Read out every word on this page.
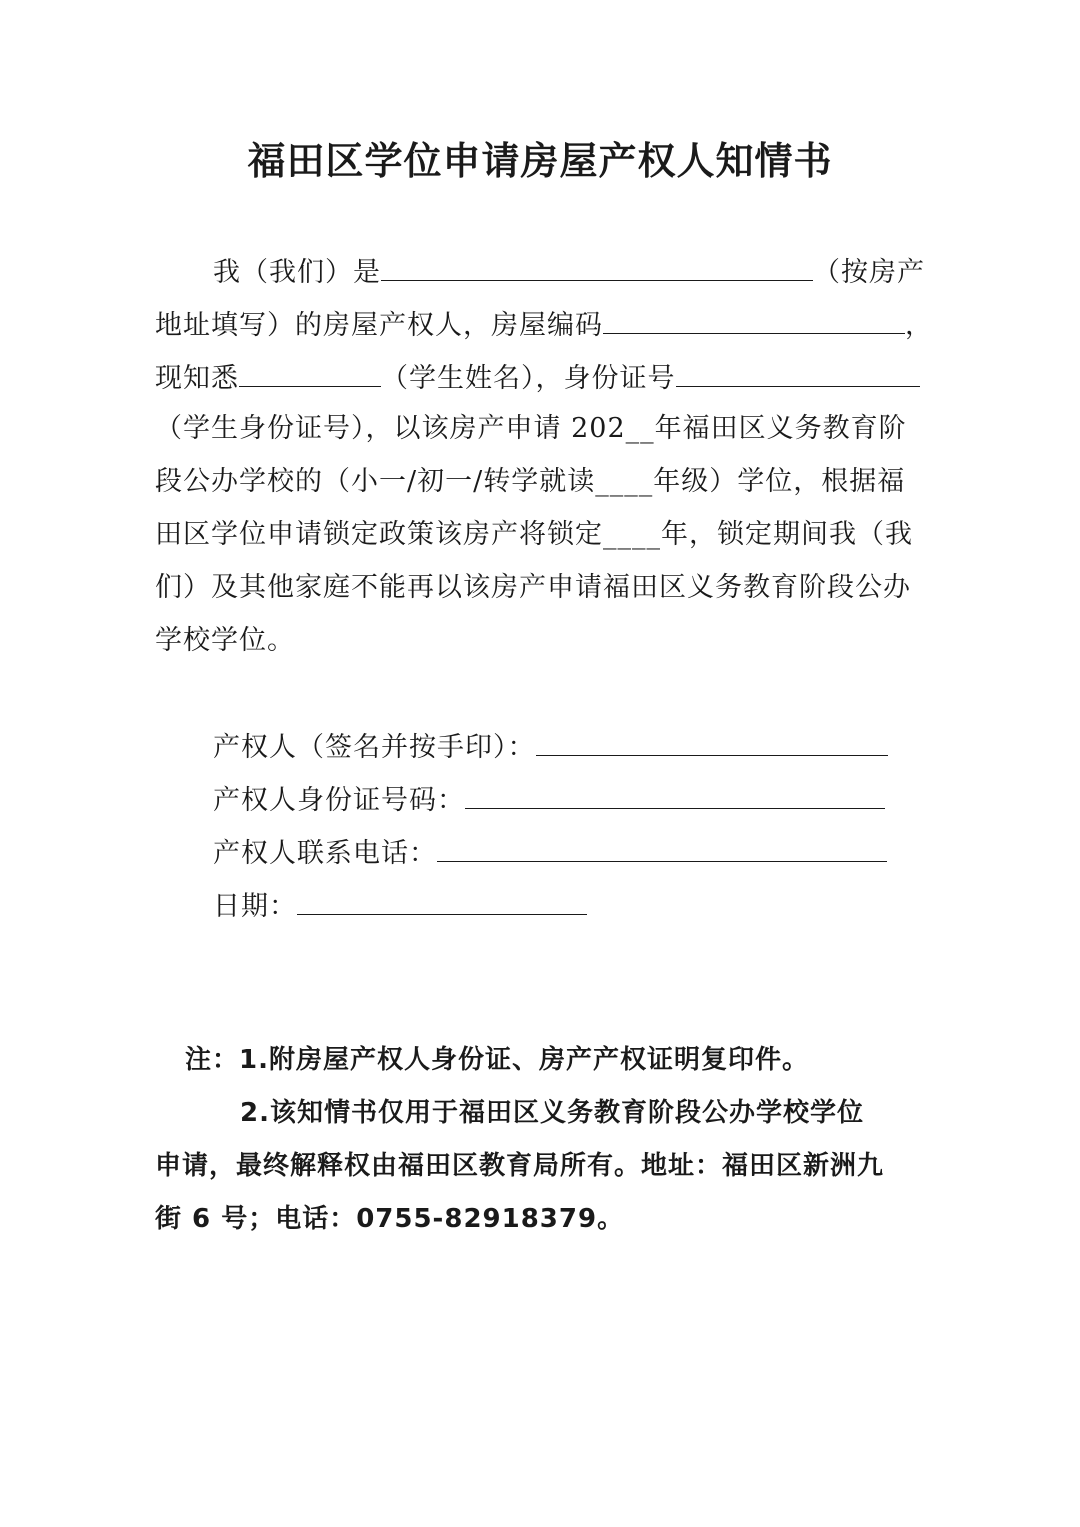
福田区学位申请房屋产权人知情书
我（我们）是	（按房产
地址填写）的房屋产权人，房屋编码	，
现知悉	（学生姓名），身份证号
（学生身份证号），以该房产申请 202__年福田区义务教育阶
段公办学校的（小一/初一/转学就读____年级）学位，根据福
田区学位申请锁定政策该房产将锁定____年，锁定期间我（我
们）及其他家庭不能再以该房产申请福田区义务教育阶段公办
学校学位。
产权人（签名并按手印）：
产权人身份证号码：
产权人联系电话：
日期：
注：1.附房屋产权人身份证、房产产权证明复印件。
2.该知情书仅用于福田区义务教育阶段公办学校学位
申请，最终解释权由福田区教育局所有。地址：福田区新洲九
街 6 号；电话：0755-82918379。
